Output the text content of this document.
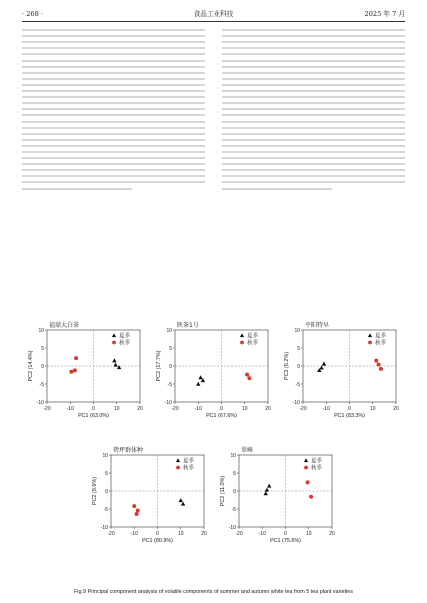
· 268 ·	食品工业科技	2025 年 7 月

-20	-10	0	10	20
-10
-5
0
5
10
福鼎大白茶
PC1 (63.0%)
PC2 (14.4%)
夏季
秋季
-20	-10	0	10	20
-10
-5
0
5
10
陕茶1号
PC1 (67.6%)
PC2 (17.7%)
夏季
秋季
-20	-10	0	10	20
-10
-5
0
5
10
平阳特早
PC1 (83.3%)
PC2 (6.2%)
夏季
秋季
-20	-10	0	10	20
-10
-5
0
5
10
碧坪群体种
PC1 (80.9%)
PC2 (8.6%)
夏季
秋季
-20	-10	0	10	20
-10
-5
0
5
10
翠峰
PC1 (75.6%)
PC2 (11.0%)
夏季
秋季
Fig.9 Principal component analysis of volatile components of summer and autumn white tea from 5 tea plant varieties
